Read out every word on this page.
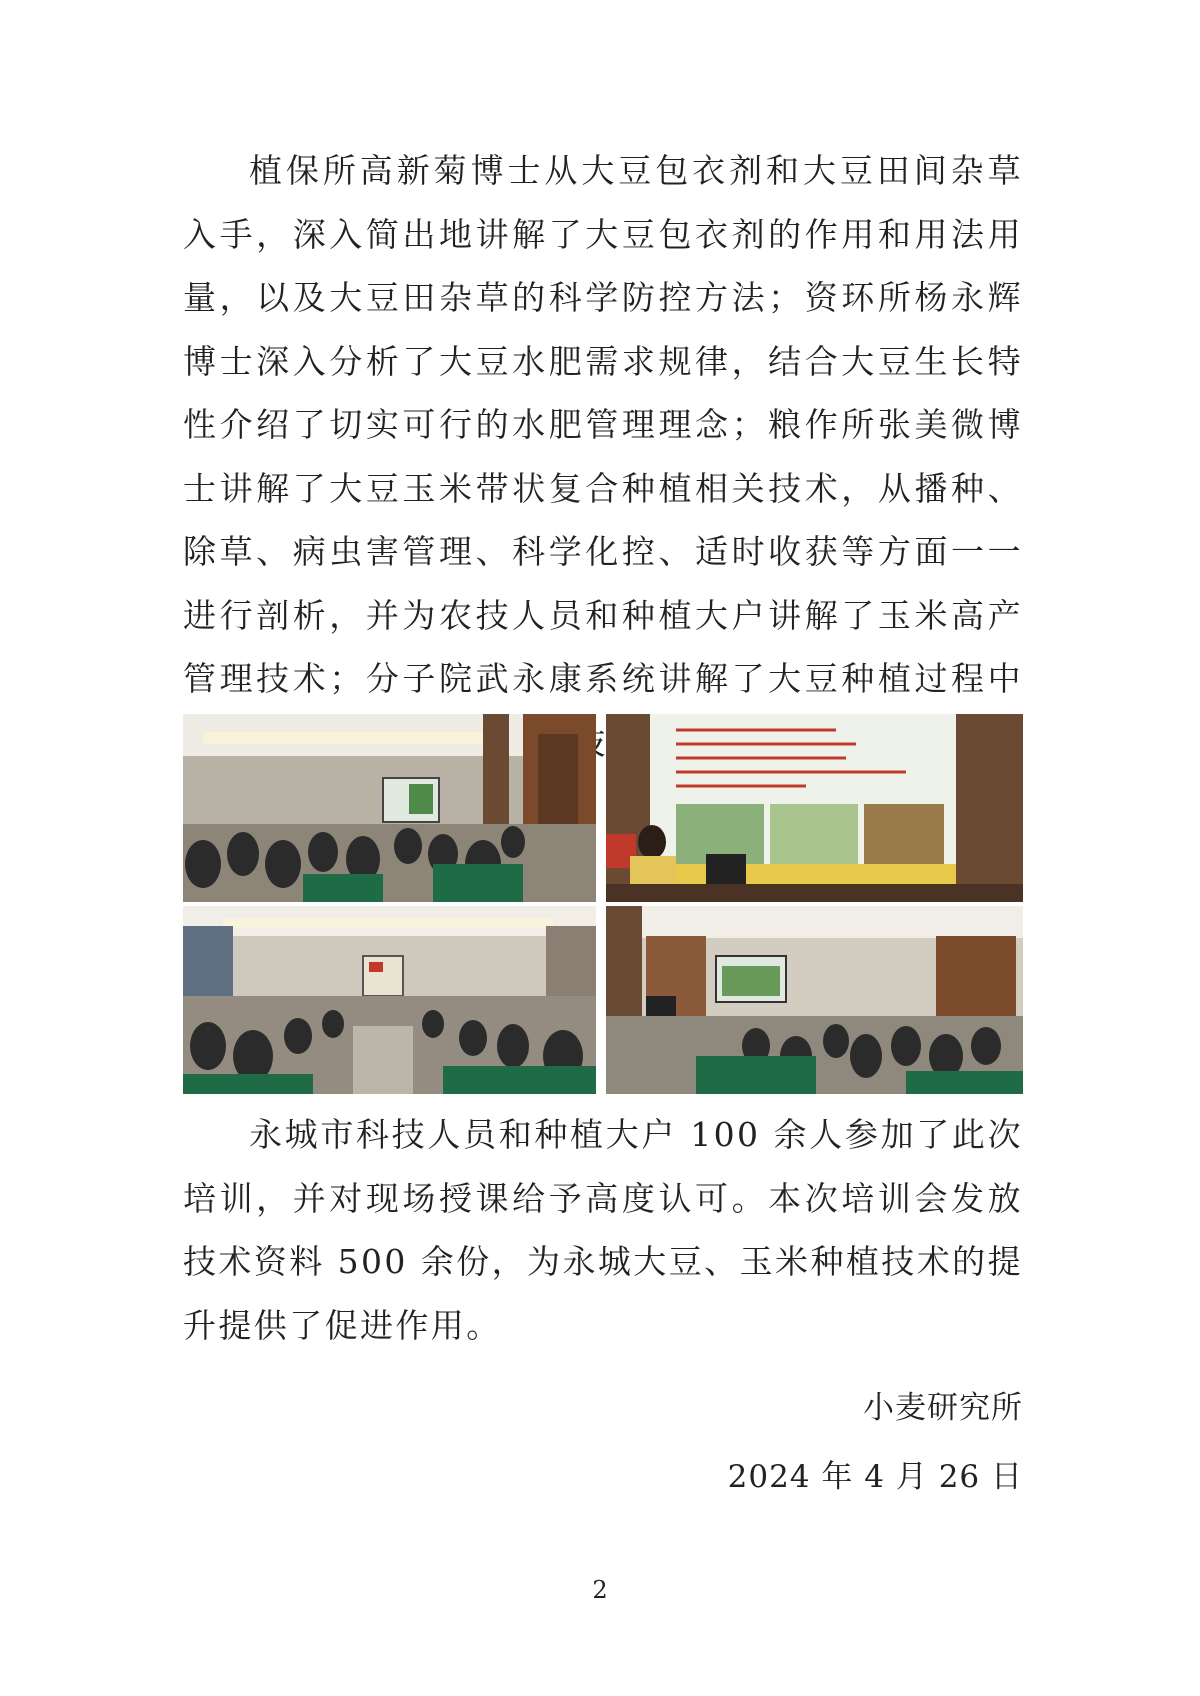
植保所高新菊博士从大豆包衣剂和大豆田间杂草入手，深入简出地讲解了大豆包衣剂的作用和用法用量，以及大豆田杂草的科学防控方法；资环所杨永辉博士深入分析了大豆水肥需求规律，结合大豆生长特性介绍了切实可行的水肥管理理念；粮作所张美微博士讲解了大豆玉米带状复合种植相关技术，从播种、除草、病虫害管理、科学化控、适时收获等方面一一进行剖析，并为农技人员和种植大户讲解了玉米高产管理技术；分子院武永康系统讲解了大豆种植过程中

永城市科技人员和种植大户 100 余人参加了此次培训，并对现场授课给予高度认可。本次培训会发放技术资料 500 余份，为永城大豆、玉米种植技术的提升提供了促进作用。

小麦研究所

2024 年 4 月 26 日

2
